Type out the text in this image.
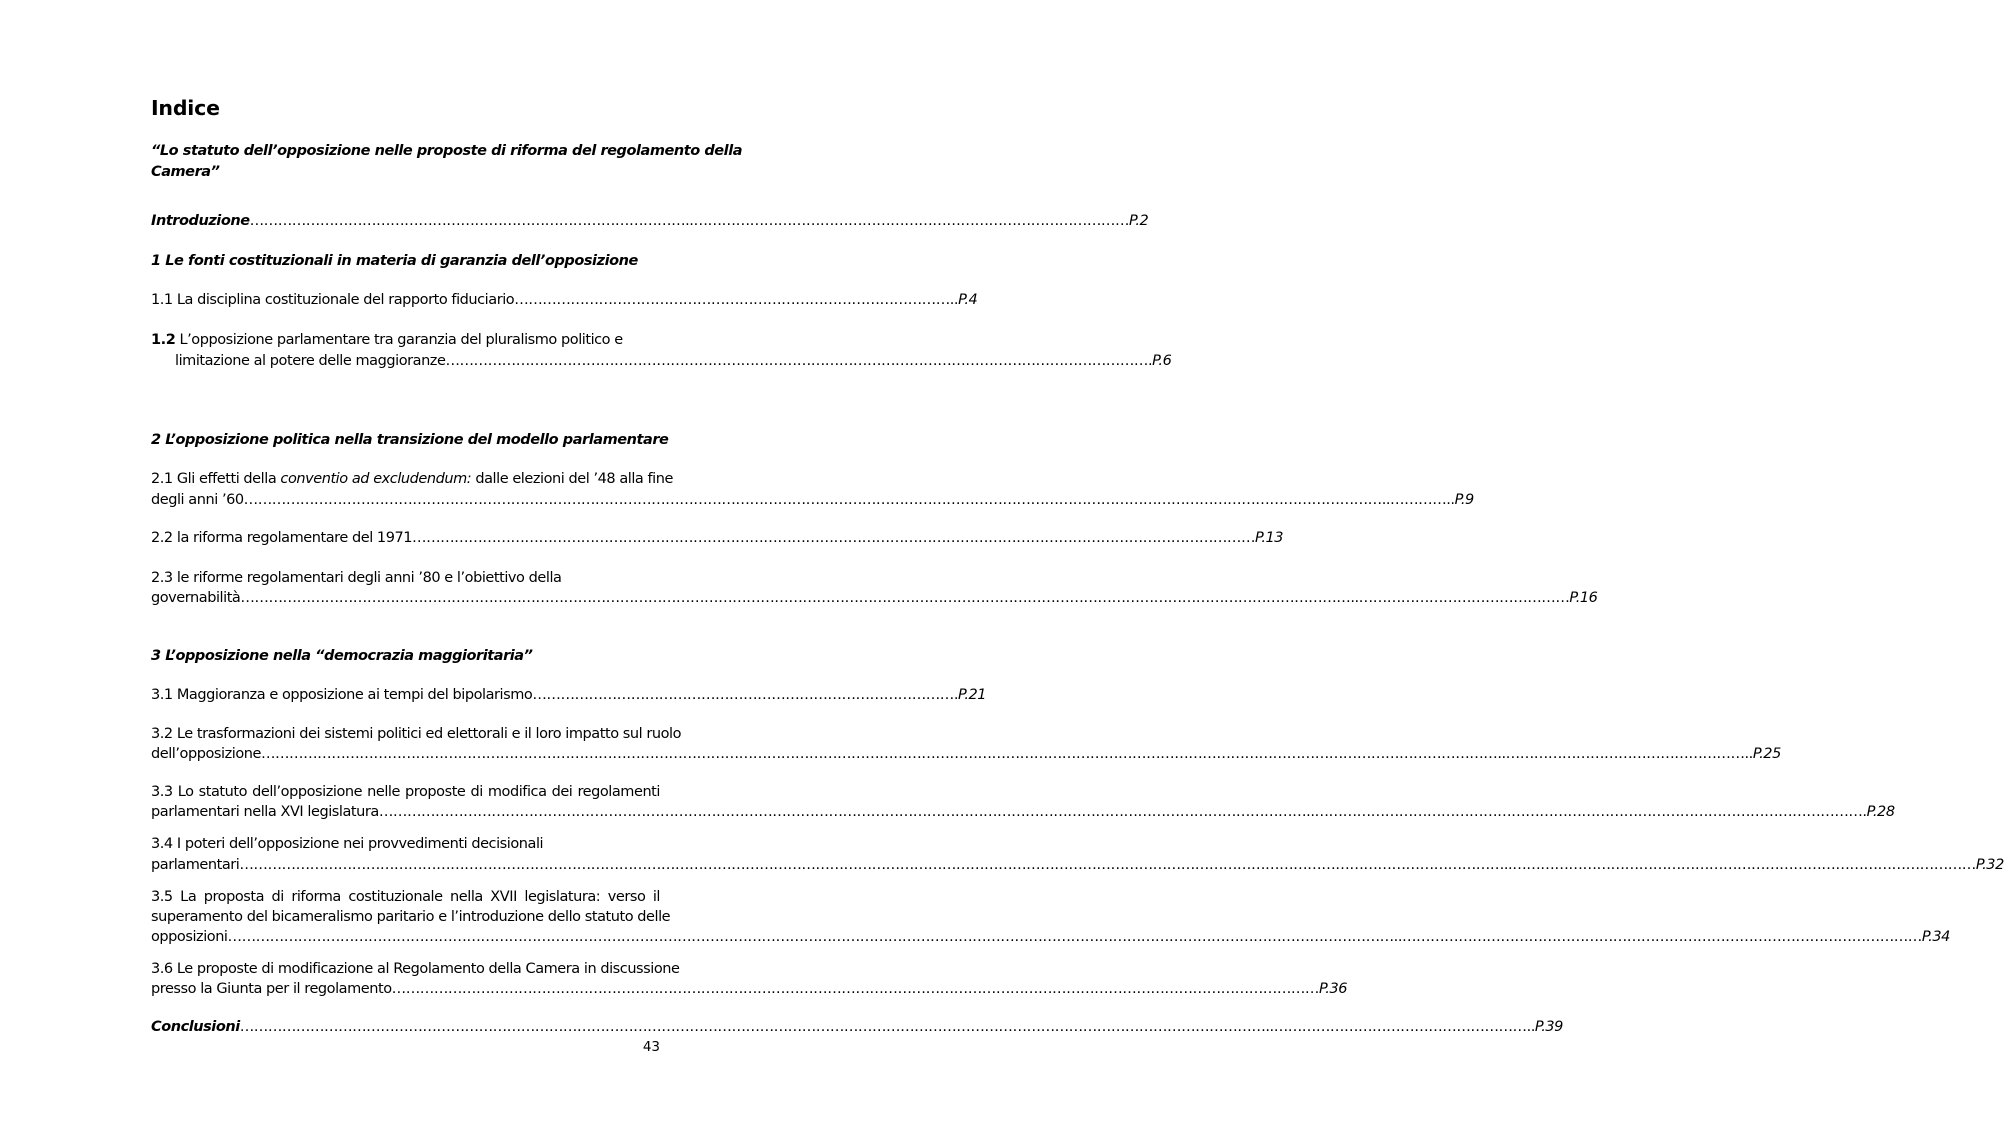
Indice

“Lo statuto dell’opposizione nelle proposte di riforma del regolamento della

Camera”

Introduzione …………………………………………………………………………………..………………………………………………………………………………… P.2

1 Le fonti costituzionali in materia di garanzia dell’opposizione

1.1 La disciplina costituzionale del rapporto fiduciario ………………………………………………………………………………….. P.4
1.2 L’opposizione parlamentare tra garanzia del pluralismo politico e
limitazione al potere delle maggioranze ……………………………………………………………………………………………………………………………………. P.6

2 L’opposizione politica nella transizione del modello parlamentare

2.1 Gli effetti della conventio ad excludendum: dalle elezioni del ’48 alla fine
degli anni ’60 ………………………………………………………………………………………………………………………………………………………………………………………………………………………..………….. P.9
2.2 la riforma regolamentare del 1971 ……………………………………………………………………………………………………………………………………………………………… P.13

2.3 le riforme regolamentari degli anni ’80 e l’obiettivo della

governabilità …………………………………………………………………………………………………………………………………………………………………………………………………………………..……………………………………… P.16

3 L’opposizione nella “democrazia maggioritaria”

3.1 Maggioranza e opposizione ai tempi del bipolarismo ………………………………………………………………………………. P.21

3.2 Le trasformazioni dei sistemi politici ed elettorali e il loro impatto sul ruolo

dell’opposizione …………………………………………………………………………………………………………………………………………………………………………………………………………………………………………..…………………………………………….. P.25

3.3 Lo statuto dell’opposizione nelle proposte di modifica dei regolamenti

parlamentari nella XVI legislatura ………………………………………………………………………………………………………………………………………………………………………………..………………………………………………………………………………………………………. P.28
3.4 I poteri dell’opposizione nei provvedimenti decisionali
parlamentari ………………………………………………………………………………………………………………………………………………………………………………………………………………………………………………..……………………………………………………………………………………… P.32

3.5 La proposta di riforma costituzionale nella XVII legislatura: verso il

superamento del bicameralismo paritario e l’introduzione dello statuto delle

opposizioni… …………………………………………………………………………………………………………………………………………………………………………………………………………………………..………………………………………………………………………………………………… P.34

3.6 Le proposte di modificazione al Regolamento della Camera in discussione

presso la Giunta per il regolamento ……………………………………………………………………………………………………………………………………………………………………………… P.36
Conclusioni …………………………………………………………………………………………………………………………………………………………………………………………………..……………………………………………….. P.39

43
